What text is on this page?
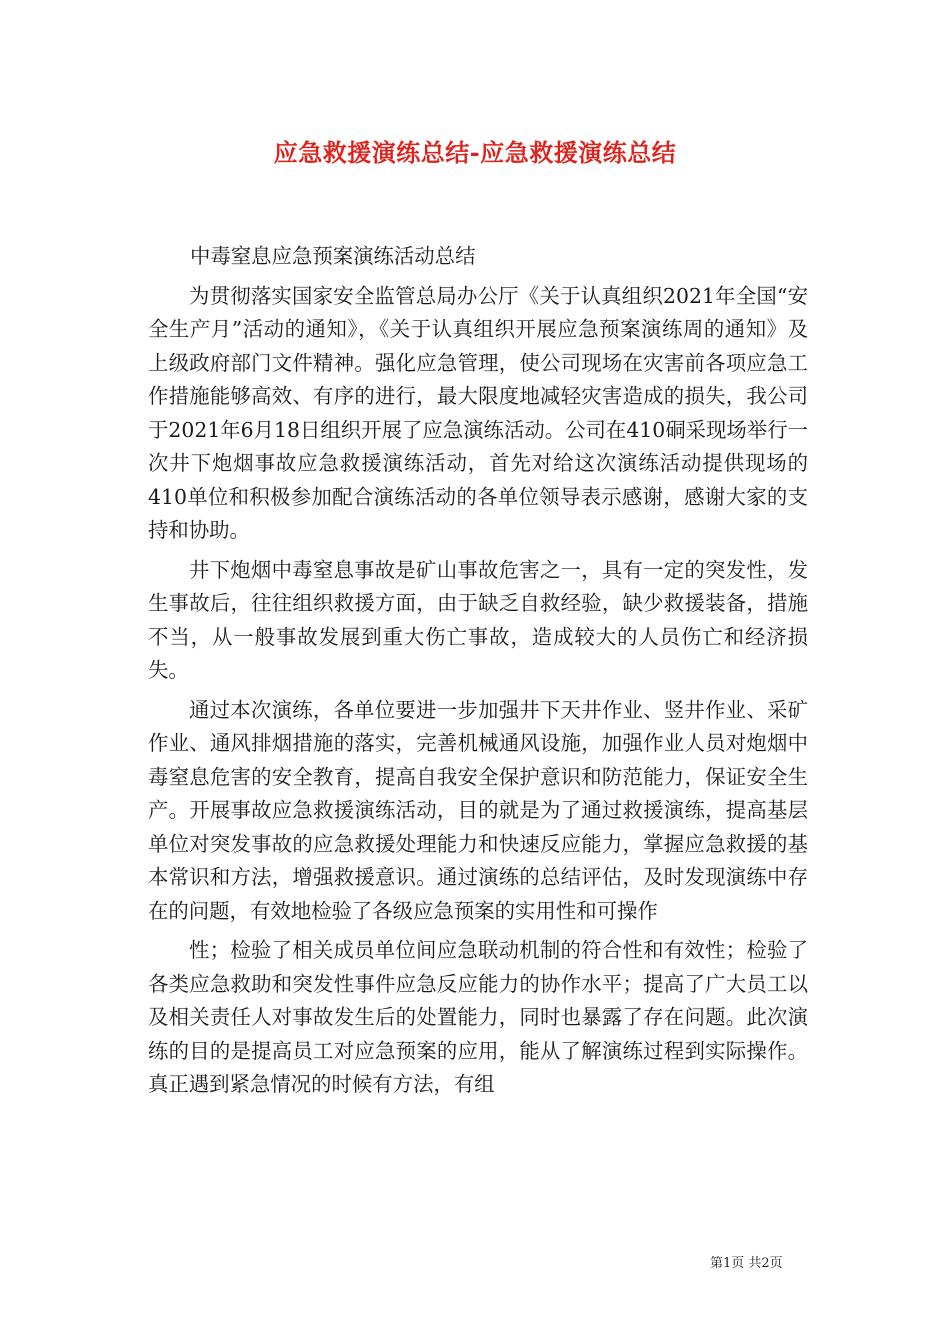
应急救援演练总结-应急救援演练总结

中毒窒息应急预案演练活动总结

为贯彻落实国家安全监管总局办公厅《关于认真组织2021年全国“安全生产月”活动的通知》，《关于认真组织开展应急预案演练周的通知》及上级政府部门文件精神。强化应急管理，使公司现场在灾害前各项应急工作措施能够高效、有序的进行，最大限度地减轻灾害造成的损失，我公司于2021年6月18日组织开展了应急演练活动。公司在410硐采现场举行一次井下炮烟事故应急救援演练活动，首先对给这次演练活动提供现场的410单位和积极参加配合演练活动的各单位领导表示感谢，感谢大家的支持和协助。

井下炮烟中毒窒息事故是矿山事故危害之一，具有一定的突发性，发生事故后，往往组织救援方面，由于缺乏自救经验，缺少救援装备，措施不当，从一般事故发展到重大伤亡事故，造成较大的人员伤亡和经济损失。

通过本次演练，各单位要进一步加强井下天井作业、竖井作业、采矿作业、通风排烟措施的落实，完善机械通风设施，加强作业人员对炮烟中毒窒息危害的安全教育，提高自我安全保护意识和防范能力，保证安全生产。开展事故应急救援演练活动，目的就是为了通过救援演练，提高基层单位对突发事故的应急救援处理能力和快速反应能力，掌握应急救援的基本常识和方法，增强救援意识。通过演练的总结评估，及时发现演练中存在的问题，有效地检验了各级应急预案的实用性和可操作

性；检验了相关成员单位间应急联动机制的符合性和有效性；检验了各类应急救助和突发性事件应急反应能力的协作水平；提高了广大员工以及相关责任人对事故发生后的处置能力，同时也暴露了存在问题。此次演练的目的是提高员工对应急预案的应用，能从了解演练过程到实际操作。真正遇到紧急情况的时候有方法，有组

第1页 共2页
